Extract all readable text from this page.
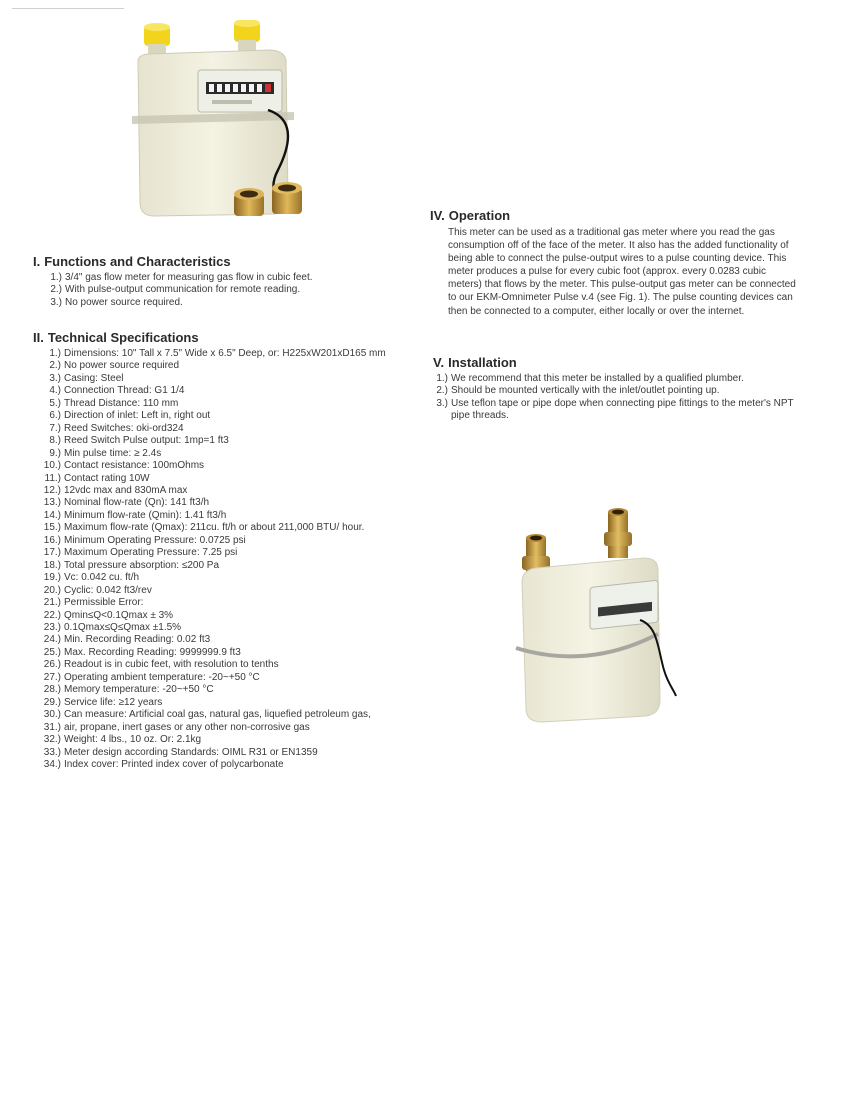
I. Functions and Characteristics
1.) 3/4" gas flow meter for measuring gas flow in cubic feet.
2.) With pulse-output communication for remote reading.
3.) No power source required.
II. Technical Specifications
1.) Dimensions: 10" Tall x 7.5" Wide x 6.5" Deep, or: H225xW201xD165 mm
2.) No power source required
3.) Casing: Steel
4.) Connection Thread: G1 1/4
5.) Thread Distance: 110 mm
6.) Direction of inlet: Left in, right out
7.) Reed Switches: oki-ord324
8.) Reed Switch Pulse output: 1mp=1 ft3
9.) Min pulse time: ≥ 2.4s
10.) Contact resistance: 100mOhms
11.) Contact rating 10W
12.) 12vdc max and 830mA max
13.) Nominal flow-rate (Qn): 141 ft3/h
14.) Minimum flow-rate (Qmin): 1.41 ft3/h
15.) Maximum flow-rate (Qmax): 211cu. ft/h or about 211,000 BTU/ hour.
16.) Minimum Operating Pressure: 0.0725 psi
17.) Maximum Operating Pressure: 7.25 psi
18.) Total pressure absorption: ≤200 Pa
19.) Vc: 0.042 cu. ft/h
20.) Cyclic: 0.042 ft3/rev
21.) Permissible Error:
22.) Qmin≤Q<0.1Qmax ± 3%
23.) 0.1Qmax≤Q≤Qmax ±1.5%
24.) Min. Recording Reading: 0.02 ft3
25.) Max. Recording Reading: 9999999.9 ft3
26.) Readout is in cubic feet, with resolution to tenths
27.) Operating ambient temperature: -20~+50 °C
28.) Memory temperature: -20~+50 °C
29.) Service life: ≥12 years
30.) Can measure: Artificial coal gas, natural gas, liquefied petroleum gas,
31.) air, propane, inert gases or any other non-corrosive gas
32.) Weight: 4 lbs., 10 oz. Or: 2.1kg
33.) Meter design according Standards: OIML R31 or EN1359
34.) Index cover: Printed index cover of polycarbonate
IV. Operation

This meter can be used as a traditional gas meter where you read the gas consumption off of the face of the meter. It also has the added functionality of being able to connect the pulse-output wires to a pulse counting device. This meter produces a pulse for every cubic foot (approx. every 0.0283 cubic meters) that flows by the meter. This pulse-output gas meter can be connected to our EKM-Omnimeter Pulse v.4 (see Fig. 1). The pulse counting devices can then be connected to a computer, either locally or over the internet.

V. Installation
1.) We recommend that this meter be installed by a qualified plumber.
2.) Should be mounted vertically with the inlet/outlet pointing up.
3.) Use teflon tape or pipe dope when connecting pipe fittings to the meter's NPT pipe threads.
